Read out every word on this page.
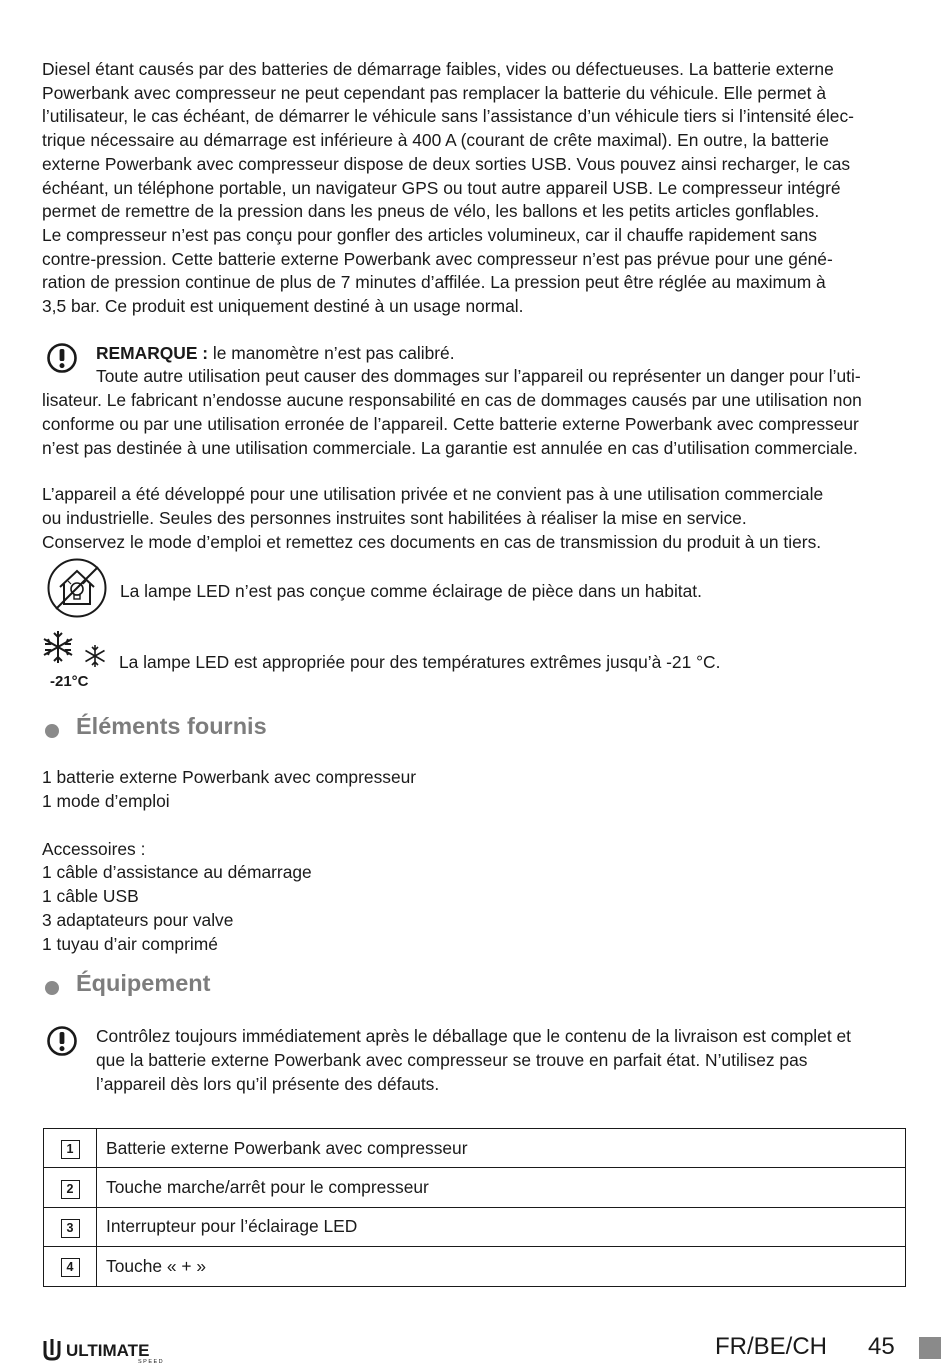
Diesel étant causés par des batteries de démarrage faibles, vides ou défectueuses. La batterie externe

Powerbank avec compresseur ne peut cependant pas remplacer la batterie du véhicule. Elle permet à

l’utilisateur, le cas échéant, de démarrer le véhicule sans l’assistance d’un véhicule tiers si l’intensité élec-

trique nécessaire au démarrage est inférieure à 400 A (courant de crête maximal). En outre, la batterie

externe Powerbank avec compresseur dispose de deux sorties USB. Vous pouvez ainsi recharger, le cas

échéant, un téléphone portable, un navigateur GPS ou tout autre appareil USB. Le compresseur intégré

permet de remettre de la pression dans les pneus de vélo, les ballons et les petits articles gonflables.

Le compresseur n’est pas conçu pour gonfler des articles volumineux, car il chauffe rapidement sans

contre-pression. Cette batterie externe Powerbank avec compresseur n’est pas prévue pour une géné-

ration de pression continue de plus de 7 minutes d’affilée. La pression peut être réglée au maximum à

3,5 bar. Ce produit est uniquement destiné à un usage normal.

REMARQUE : le manomètre n’est pas calibré.

Toute autre utilisation peut causer des dommages sur l’appareil ou représenter un danger pour l’uti-

lisateur. Le fabricant n’endosse aucune responsabilité en cas de dommages causés par une utilisation non

conforme ou par une utilisation erronée de l’appareil. Cette batterie externe Powerbank avec compresseur

n’est pas destinée à une utilisation commerciale. La garantie est annulée en cas d’utilisation commerciale.

L’appareil a été développé pour une utilisation privée et ne convient pas à une utilisation commerciale

ou industrielle. Seules des personnes instruites sont habilitées à réaliser la mise en service.

Conservez le mode d’emploi et remettez ces documents en cas de transmission du produit à un tiers.

La lampe LED n’est pas conçue comme éclairage de pièce dans un habitat.
-21°C
La lampe LED est appropriée pour des températures extrêmes jusqu’à -21 °C.
Éléments fournis

1 batterie externe Powerbank avec compresseur

1 mode d’emploi

Accessoires :

1 câble d’assistance au démarrage

1 câble USB

3 adaptateurs pour valve

1 tuyau d’air comprimé

Équipement

Contrôlez toujours immédiatement après le déballage que le contenu de la livraison est complet et

que la batterie externe Powerbank avec compresseur se trouve en parfait état. N’utilisez pas

l’appareil dès lors qu’il présente des défauts.

1	Batterie externe Powerbank avec compresseur
2	Touche marche/arrêt pour le compresseur
3	Interrupteur pour l’éclairage LED
4	Touche « + »
ULTIMATE
SPEED
FR/BE/CH 45
